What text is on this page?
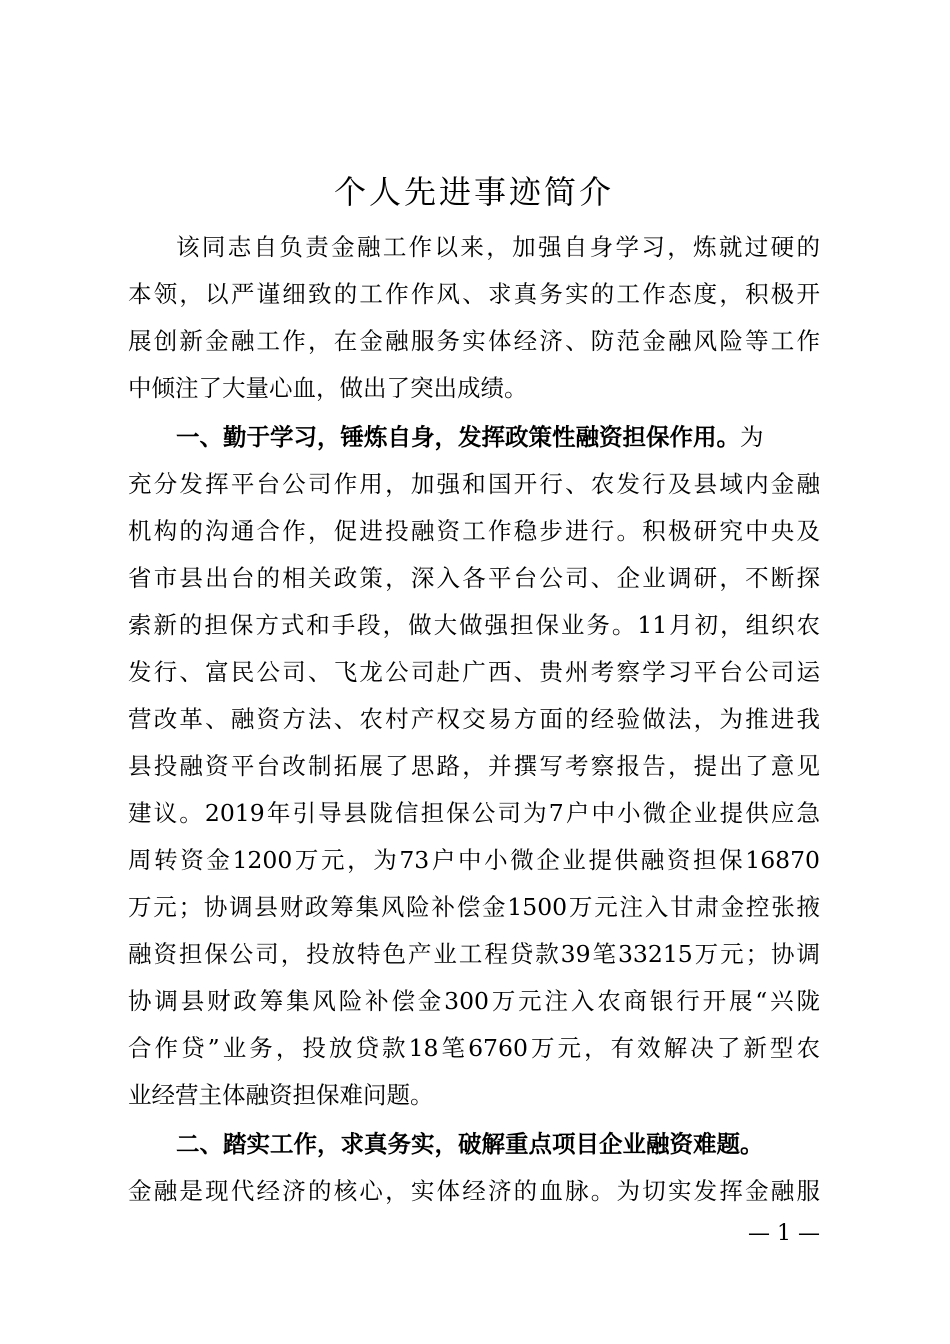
个人先进事迹简介
该同志自负责金融工作以来，加强自身学习，炼就过硬的
本领，以严谨细致的工作作风、求真务实的工作态度，积极开
展创新金融工作，在金融服务实体经济、防范金融风险等工作
中倾注了大量心血，做出了突出成绩。
一、勤于学习，锤炼自身，发挥政策性融资担保作用。为
充分发挥平台公司作用，加强和国开行、农发行及县域内金融
机构的沟通合作，促进投融资工作稳步进行。积极研究中央及
省市县出台的相关政策，深入各平台公司、企业调研，不断探
索新的担保方式和手段，做大做强担保业务。11月初，组织农
发行、富民公司、飞龙公司赴广西、贵州考察学习平台公司运
营改革、融资方法、农村产权交易方面的经验做法，为推进我
县投融资平台改制拓展了思路，并撰写考察报告，提出了意见
建议。2019年引导县陇信担保公司为7户中小微企业提供应急
周转资金1200万元，为73户中小微企业提供融资担保16870
万元；协调县财政筹集风险补偿金1500万元注入甘肃金控张掖
融资担保公司，投放特色产业工程贷款39笔33215万元；协调
协调县财政筹集风险补偿金300万元注入农商银行开展“兴陇
合作贷”业务，投放贷款18笔6760万元，有效解决了新型农
业经营主体融资担保难问题。
二、踏实工作，求真务实，破解重点项目企业融资难题。
金融是现代经济的核心，实体经济的血脉。为切实发挥金融服
— 1 —
